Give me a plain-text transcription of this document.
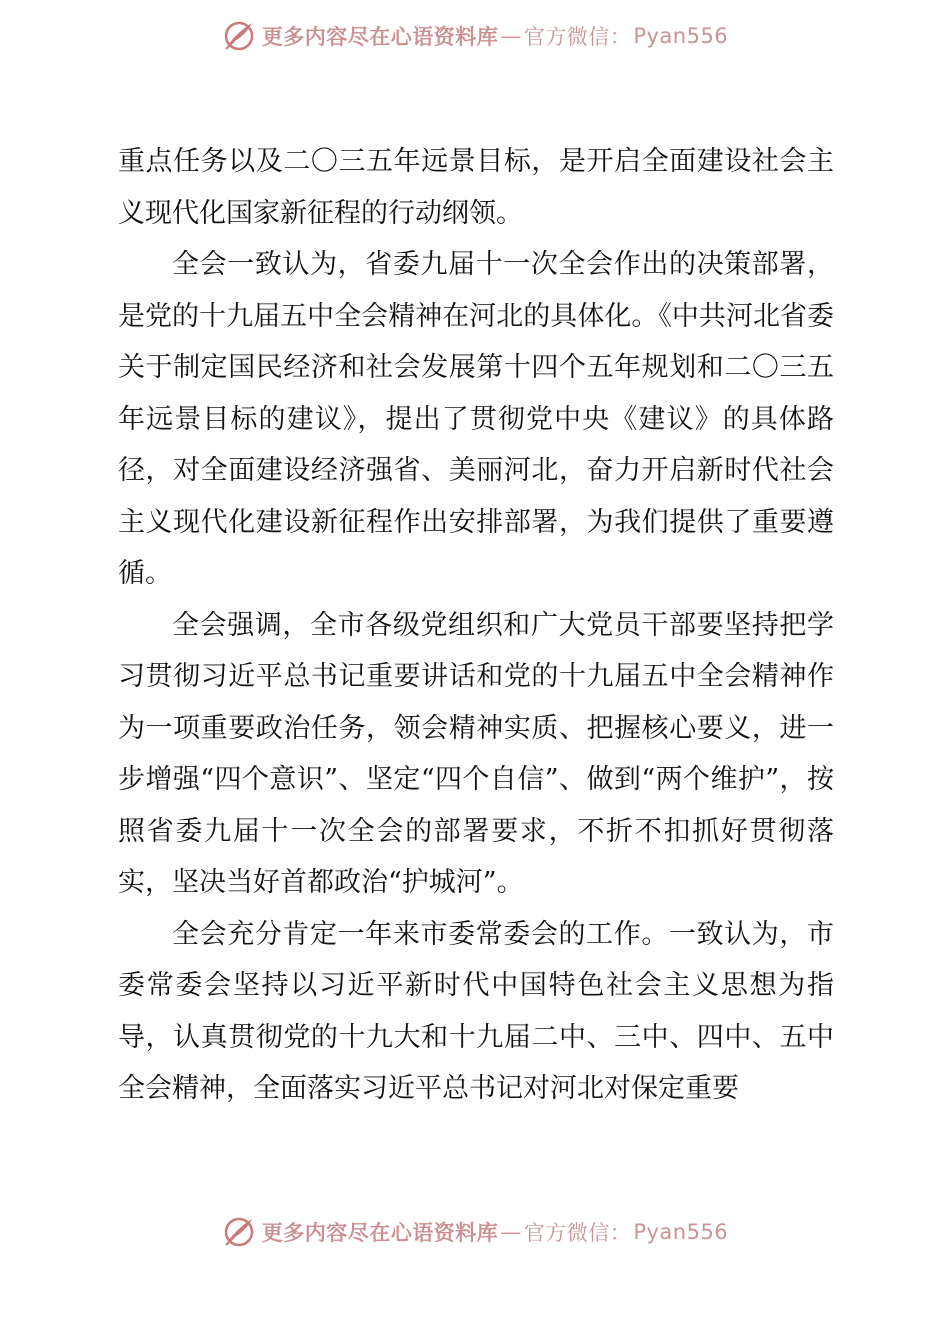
更多内容尽在心语资料库 — 官方微信： Pyan556

重点任务以及二〇三五年远景目标，是开启全面建设社会主义现代化国家新征程的行动纲领。

全会一致认为，省委九届十一次全会作出的决策部署，是党的十九届五中全会精神在河北的具体化。《中共河北省委关于制定国民经济和社会发展第十四个五年规划和二〇三五年远景目标的建议》，提出了贯彻党中央《建议》的具体路径，对全面建设经济强省、美丽河北，奋力开启新时代社会主义现代化建设新征程作出安排部署，为我们提供了重要遵循。

全会强调，全市各级党组织和广大党员干部要坚持把学习贯彻习近平总书记重要讲话和党的十九届五中全会精神作为一项重要政治任务，领会精神实质、把握核心要义，进一步增强“四个意识”、坚定“四个自信”、做到“两个维护”，按照省委九届十一次全会的部署要求，不折不扣抓好贯彻落实，坚决当好首都政治“护城河”。

全会充分肯定一年来市委常委会的工作。一致认为，市委常委会坚持以习近平新时代中国特色社会主义思想为指导，认真贯彻党的十九大和十九届二中、三中、四中、五中全会精神，全面落实习近平总书记对河北对保定重要

更多内容尽在心语资料库 — 官方微信： Pyan556
